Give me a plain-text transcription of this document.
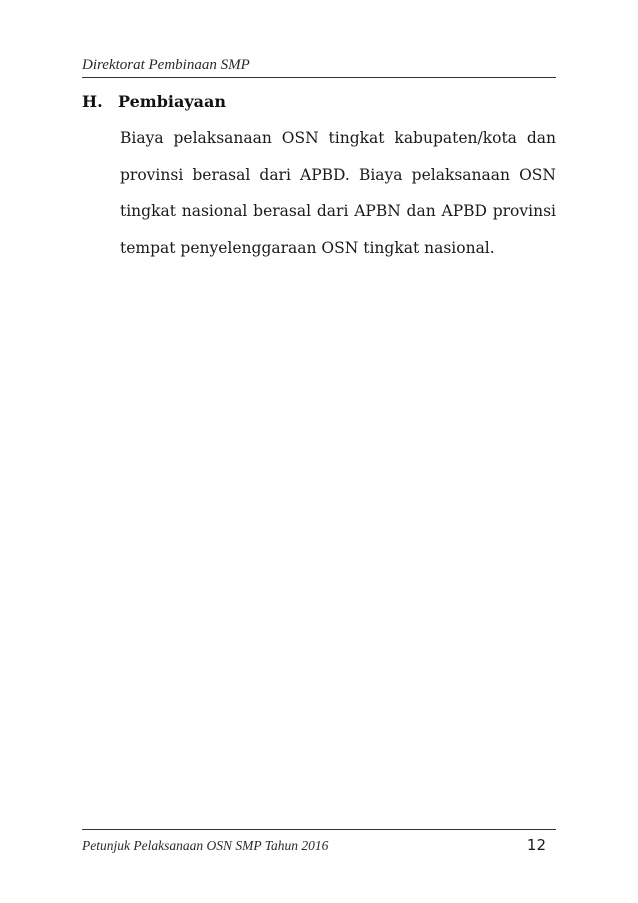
Direktorat Pembinaan SMP
H. Pembiayaan

Biaya pelaksanaan OSN tingkat kabupaten/kota dan provinsi berasal dari APBD. Biaya pelaksanaan OSN tingkat nasional berasal dari APBN dan APBD provinsi tempat penyelenggaraan OSN tingkat nasional.

Petunjuk Pelaksanaan OSN SMP Tahun 2016	12
